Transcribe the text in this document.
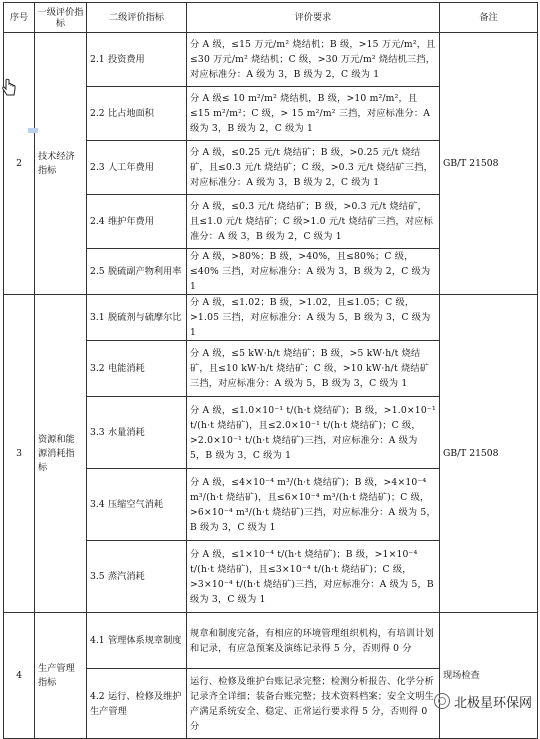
序号	一级评价指标	二级评价指标	评价要求	备注
2	技术经济指标	2.1 投资费用	分 A 级，≤15 万元/m² 烧结机；B 级，>15 万元/m²，且≤30 万元/m² 烧结机；C 级，>30 万元/m² 烧结机三挡，对应标准分：A 级为 3，B 级为 2，C 级为 1	GB/T 21508
		2.2 比占地面积	分 A 级≤ 10 m²/m² 烧结机，B 级，>10 m²/m²，且≤15 m²/m²；C 级，> 15 m²/m² 三挡，对应标准分：A 级为 3，B 级为 2，C 级为 1	
		2.3 人工年费用	分 A 级，≤0.25 元/t 烧结矿；B 级，>0.25 元/t 烧结矿，且≤0.3 元/t 烧结矿；C 级，>0.3 元/t 烧结矿三挡，对应标准分：A 级为 3，B 级为 2，C 级为 1	
		2.4 维护年费用	分 A 级，≤0.3 元/t 烧结矿；B 级，>0.3 元/t 烧结矿，且≤1.0 元/t 烧结矿；C 级>1.0 元/t 烧结矿三挡，对应标准分：A 级 3，B 级为 2，C 级为 1	
		2.5 脱硫副产物利用率	分 A 级，>80%；B 级，>40%，且≤80%；C 级，≤40% 三挡，对应标准分：A 级为 3，B 级为 2，C 级为 1	
3	资源和能源消耗指标	3.1 脱硫剂与硫摩尔比	分 A 级，≤1.02；B 级，>1.02，且≤1.05；C 级，>1.05 三挡，对应标准分：A 级为 5，B 级为 3，C 级为 1	GB/T 21508
		3.2 电能消耗	分 A 级，≤5 kW·h/t 烧结矿；B 级，>5 kW·h/t 烧结矿，且≤10 kW·h/t 烧结矿；C 级，>10 kW·h/t 烧结矿三挡，对应标准分：A 级为 5，B 级为 3，C 级为 1	
		3.3 水量消耗	分 A 级，≤1.0×10⁻¹ t/(h·t 烧结矿)；B 级，>1.0×10⁻¹ t/(h·t 烧结矿)，且≤2.0×10⁻¹ t/(h·t 烧结矿)；C 级，>2.0×10⁻¹ t/(h·t 烧结矿)三挡，对应标准分：A 级为 5，B 级为 3，C 级为 1	
		3.4 压缩空气消耗	分 A 级，≤4×10⁻⁴ m³/(h·t 烧结矿)；B 级，>4×10⁻⁴ m³/(h·t 烧结矿)，且≤6×10⁻⁴ m³/(h·t 烧结矿)；C 级，>6×10⁻⁴ m³/(h·t 烧结矿)三挡，对应标准分：A 级为 5，B 级为 3，C 级为 1	
		3.5 蒸汽消耗	分 A 级，≤1×10⁻⁴ t/(h·t 烧结矿)；B 级，>1×10⁻⁴ t/(h·t 烧结矿)，且≤3×10⁻⁴ t/(h·t 烧结矿)；C 级，>3×10⁻⁴ t/(h·t 烧结矿)三挡，对应标准分：A 级为 5，B 级为 3，C 级为 1	
4	生产管理指标	4.1 管理体系规章制度	规章和制度完备，有相应的环境管理组织机构，有培训计划和记录，有应急预案及演练记录得 5 分，否则得 0 分	现场检查
		4.2 运行、检修及维护生产管理	运行、检修及维护台账记录完整；检测分析报告、化学分析记录齐全详细；装备台账完整；技术资料档案；安全文明生产满足系统安全、稳定、正常运行要求得 5 分，否则得 0 分	
北极星环保网
